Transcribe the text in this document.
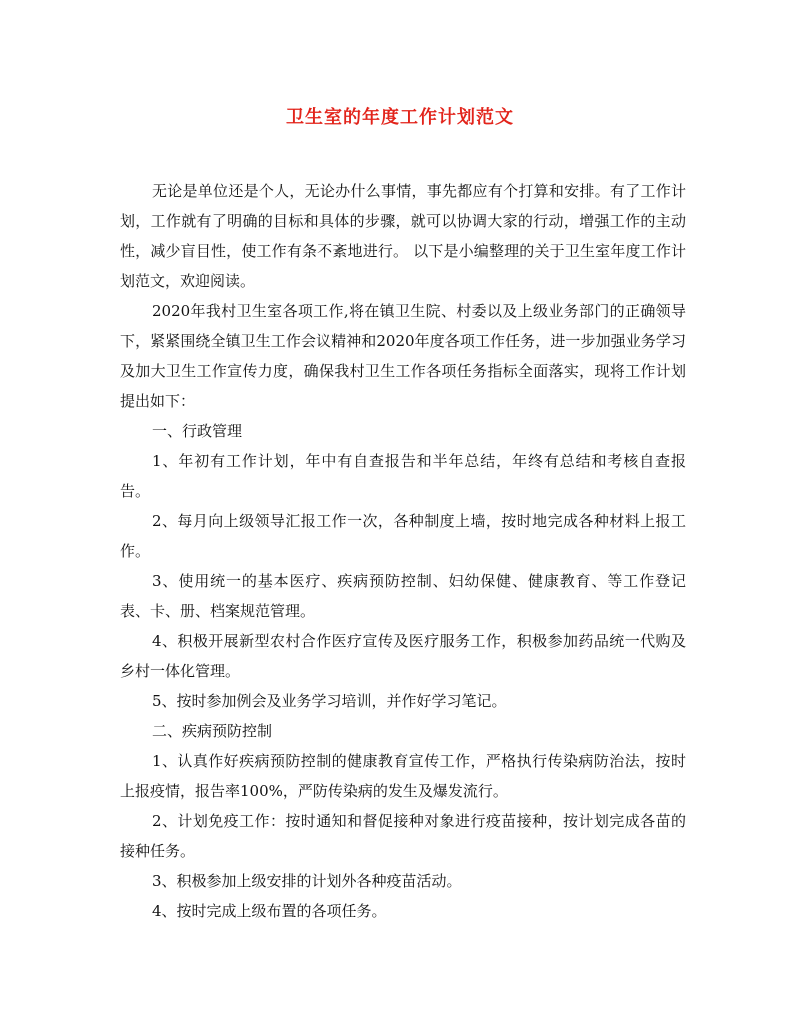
卫生室的年度工作计划范文

无论是单位还是个人，无论办什么事情，事先都应有个打算和安排。有了工作计划，工作就有了明确的目标和具体的步骤，就可以协调大家的行动，增强工作的主动性，减少盲目性，使工作有条不紊地进行。 以下是小编整理的关于卫生室年度工作计划范文，欢迎阅读。

2020年我村卫生室各项工作,将在镇卫生院、村委以及上级业务部门的正确领导下，紧紧围绕全镇卫生工作会议精神和2020年度各项工作任务，进一步加强业务学习及加大卫生工作宣传力度，确保我村卫生工作各项任务指标全面落实，现将工作计划提出如下：

一、行政管理

1、年初有工作计划，年中有自查报告和半年总结，年终有总结和考核自查报告。

2、每月向上级领导汇报工作一次，各种制度上墙，按时地完成各种材料上报工作。

3、使用统一的基本医疗、疾病预防控制、妇幼保健、健康教育、等工作登记表、卡、册、档案规范管理。

4、积极开展新型农村合作医疗宣传及医疗服务工作，积极参加药品统一代购及乡村一体化管理。

5、按时参加例会及业务学习培训，并作好学习笔记。

二、疾病预防控制

1、认真作好疾病预防控制的健康教育宣传工作，严格执行传染病防治法，按时上报疫情，报告率100%，严防传染病的发生及爆发流行。

2、计划免疫工作：按时通知和督促接种对象进行疫苗接种，按计划完成各苗的接种任务。

3、积极参加上级安排的计划外各种疫苗活动。

4、按时完成上级布置的各项任务。
